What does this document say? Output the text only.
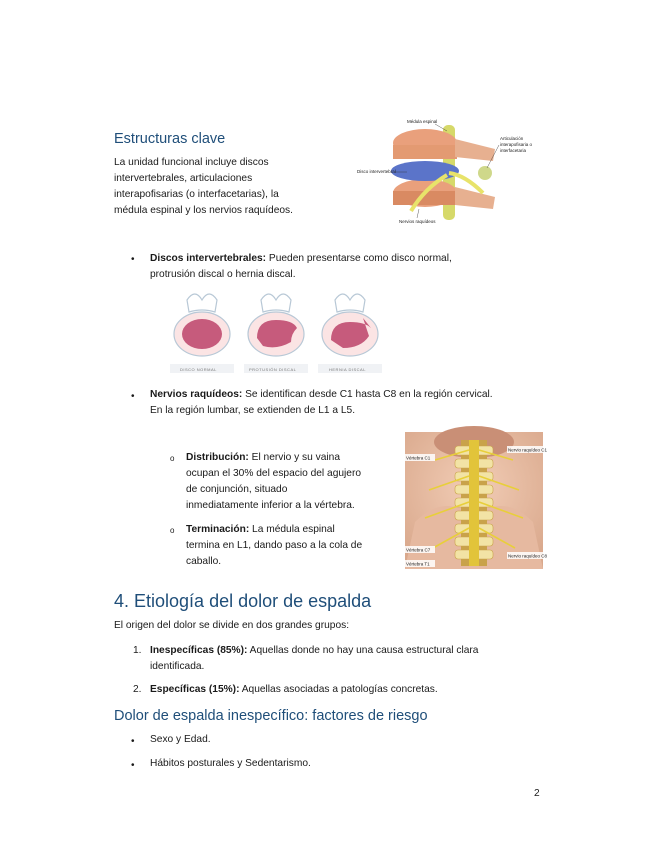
Estructuras clave
La unidad funcional incluye discos
intervertebrales, articulaciones
interapofisarias (o interfacetarias), la
médula espinal y los nervios raquídeos.
Médula espinal
Articulación
interapofisaria o
interfacetaria
Disco intervertebral
Nervios raquídeos
• Discos intervertebrales: Pueden presentarse como disco normal,
protrusión discal o hernia discal.
DISCO NORMAL	PROTUSIÓN DISCAL	HERNIA DISCAL
• Nervios raquídeos: Se identifican desde C1 hasta C8 en la región cervical.
En la región lumbar, se extienden de L1 a L5.
o Distribución: El nervio y su vaina
ocupan el 30% del espacio del agujero
de conjunción, situado
inmediatamente inferior a la vértebra.
o Terminación: La médula espinal
termina en L1, dando paso a la cola de
caballo.
Vértebra C1
Nervio raquídeo C1
Vértebra C7
Nervio raquídeo C8
Vértebra T1
4. Etiología del dolor de espalda
El origen del dolor se divide en dos grandes grupos:
1. Inespecíficas (85%): Aquellas donde no hay una causa estructural clara
identificada.
2. Específicas (15%): Aquellas asociadas a patologías concretas.
Dolor de espalda inespecífico: factores de riesgo
• Sexo y Edad.
• Hábitos posturales y Sedentarismo.
2
